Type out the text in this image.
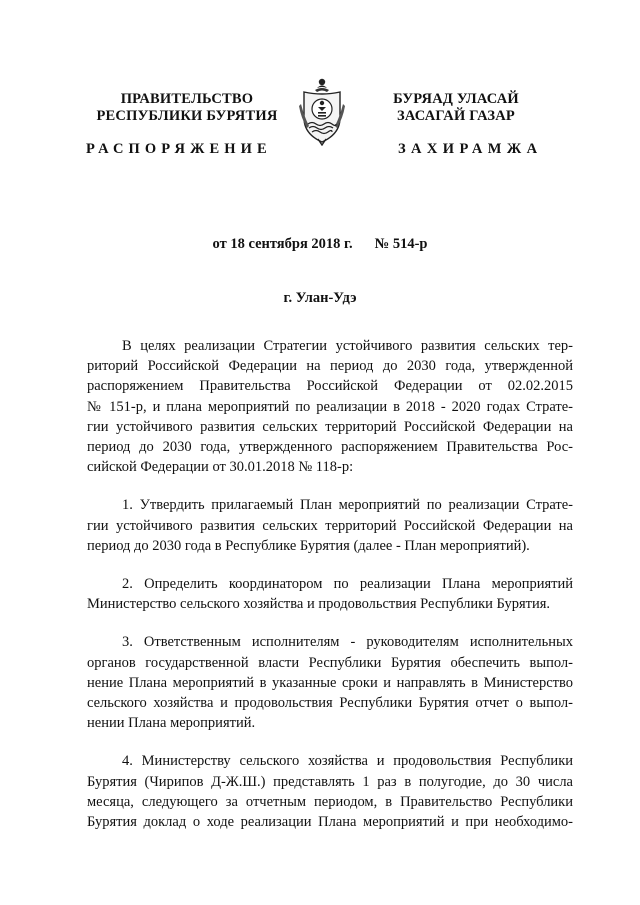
ПРАВИТЕЛЬСТВО
РЕСПУБЛИКИ БУРЯТИЯ
БУРЯАД УЛАСАЙ
ЗАСАГАЙ ГАЗАР
РАСПОРЯЖЕНИЕ	ЗАХИРАМЖА
от 18 сентября 2018 г. № 514-р
г. Улан-Удэ
В целях реализации Стратегии устойчивого развития сельских тер-
риторий Российской Федерации на период до 2030 года, утвержденной
распоряжением Правительства Российской Федерации от 02.02.2015
№ 151-р, и плана мероприятий по реализации в 2018 - 2020 годах Страте-
гии устойчивого развития сельских территорий Российской Федерации на
период до 2030 года, утвержденного распоряжением Правительства Рос-
сийской Федерации от 30.01.2018 № 118-р:
1. Утвердить прилагаемый План мероприятий по реализации Страте-
гии устойчивого развития сельских территорий Российской Федерации на
период до 2030 года в Республике Бурятия (далее - План мероприятий).
2. Определить координатором по реализации Плана мероприятий
Министерство сельского хозяйства и продовольствия Республики Бурятия.
3. Ответственным исполнителям - руководителям исполнительных
органов государственной власти Республики Бурятия обеспечить выпол-
нение Плана мероприятий в указанные сроки и направлять в Министерство
сельского хозяйства и продовольствия Республики Бурятия отчет о выпол-
нении Плана мероприятий.
4. Министерству сельского хозяйства и продовольствия Республики
Бурятия (Чирипов Д-Ж.Ш.) представлять 1 раз в полугодие, до 30 числа
месяца, следующего за отчетным периодом, в Правительство Республики
Бурятия доклад о ходе реализации Плана мероприятий и при необходимо-
